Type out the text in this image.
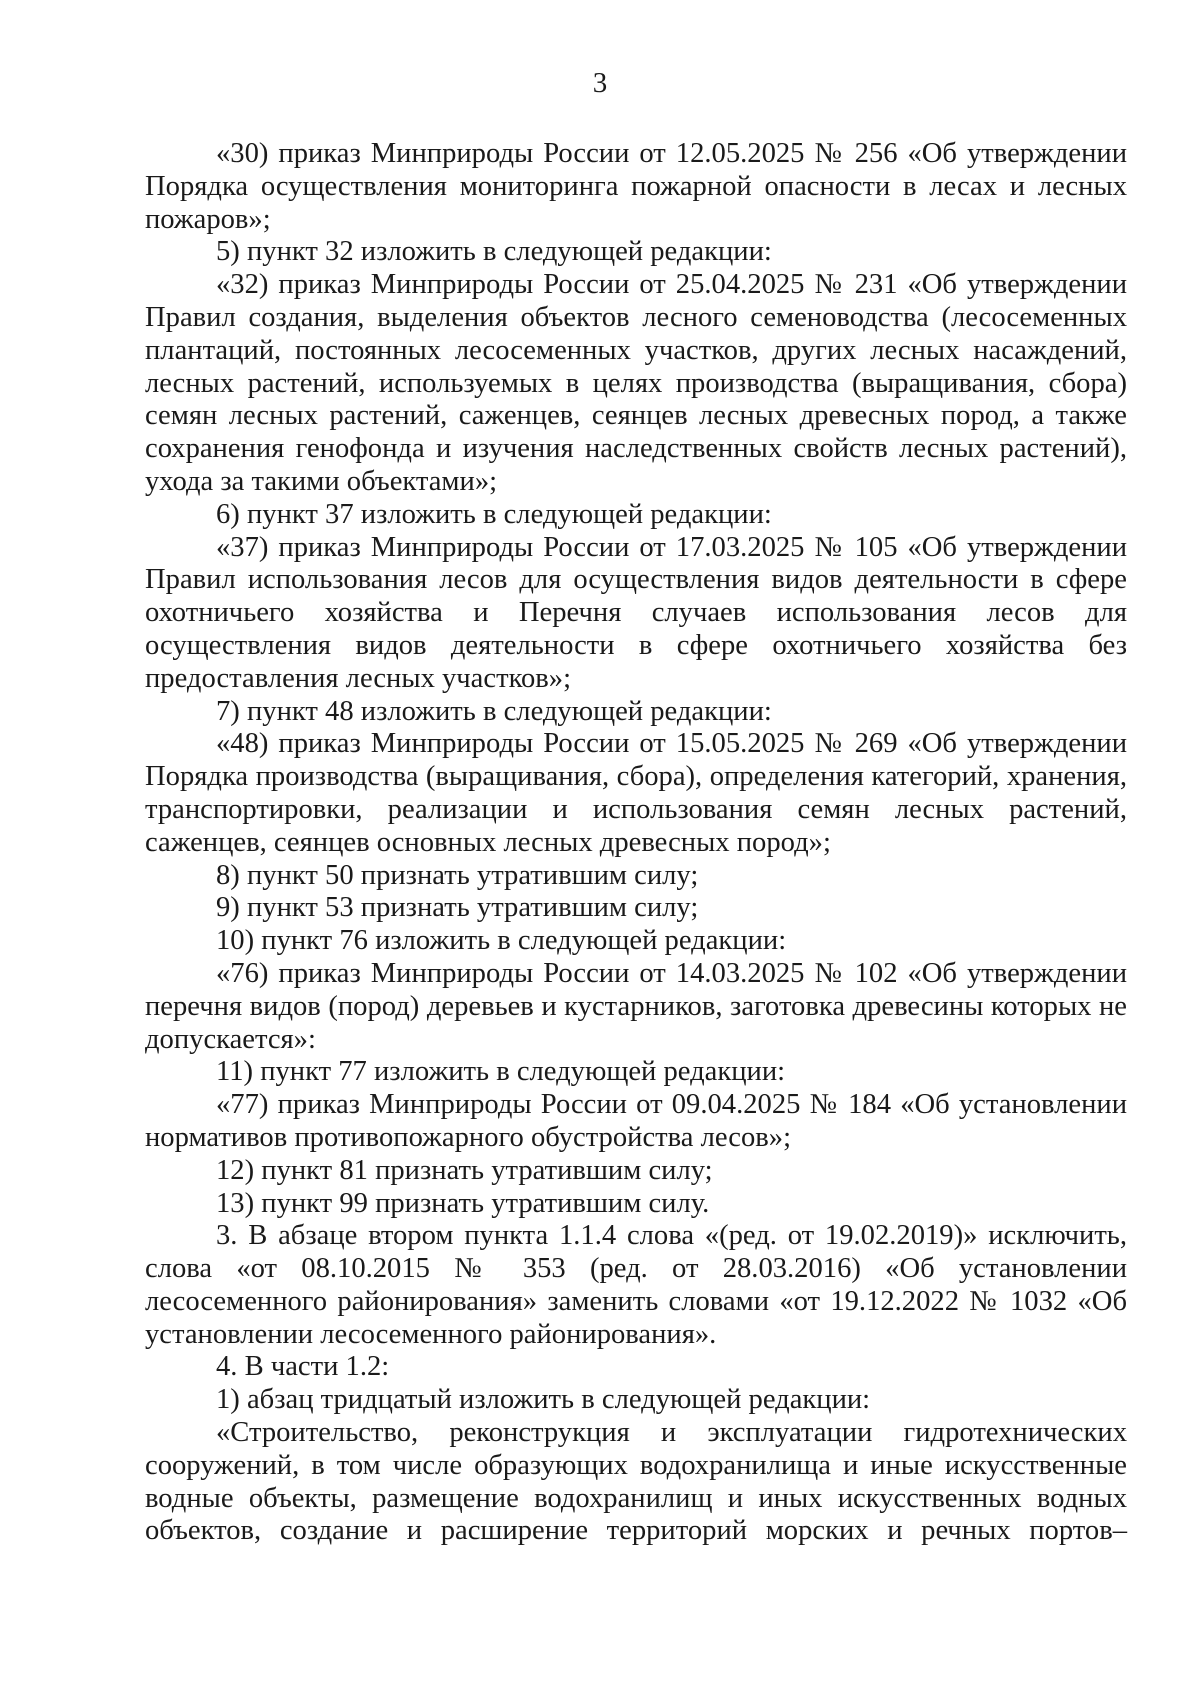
3

«30) приказ Минприроды России от 12.05.2025 № 256 «Об утверждении Порядка осуществления мониторинга пожарной опасности в лесах и лесных пожаров»;

5) пункт 32 изложить в следующей редакции:

«32) приказ Минприроды России от 25.04.2025 № 231 «Об утверждении Правил создания, выделения объектов лесного семеноводства (лесосеменных плантаций, постоянных лесосеменных участков, других лесных насаждений, лесных растений, используемых в целях производства (выращивания, сбора) семян лесных растений, саженцев, сеянцев лесных древесных пород, а также сохранения генофонда и изучения наследственных свойств лесных растений), ухода за такими объектами»;

6) пункт 37 изложить в следующей редакции:

«37) приказ Минприроды России от 17.03.2025 № 105 «Об утверждении Правил использования лесов для осуществления видов деятельности в сфере охотничьего хозяйства и Перечня случаев использования лесов для осуществления видов деятельности в сфере охотничьего хозяйства без предоставления лесных участков»;

7) пункт 48 изложить в следующей редакции:

«48) приказ Минприроды России от 15.05.2025 № 269 «Об утверждении Порядка производства (выращивания, сбора), определения категорий, хранения, транспортировки, реализации и использования семян лесных растений, саженцев, сеянцев основных лесных древесных пород»;

8) пункт 50 признать утратившим силу;

9) пункт 53 признать утратившим силу;

10) пункт 76 изложить в следующей редакции:

«76) приказ Минприроды России от 14.03.2025 № 102 «Об утверждении перечня видов (пород) деревьев и кустарников, заготовка древесины которых не допускается»:

11) пункт 77 изложить в следующей редакции:

«77) приказ Минприроды России от 09.04.2025 № 184 «Об установлении нормативов противопожарного обустройства лесов»;

12) пункт 81 признать утратившим силу;

13) пункт 99 признать утратившим силу.

3. В абзаце втором пункта 1.1.4 слова «(ред. от 19.02.2019)» исключить, слова «от 08.10.2015 № 353 (ред. от 28.03.2016) «Об установлении лесосеменного районирования» заменить словами «от 19.12.2022 № 1032 «Об установлении лесосеменного районирования».

4. В части 1.2:

1) абзац тридцатый изложить в следующей редакции:

«Строительство, реконструкция и эксплуатации гидротехнических сооружений, в том числе образующих водохранилища и иные искусственные водные объекты, размещение водохранилищ и иных искусственных водных объектов, создание и расширение территорий морских и речных портов–
